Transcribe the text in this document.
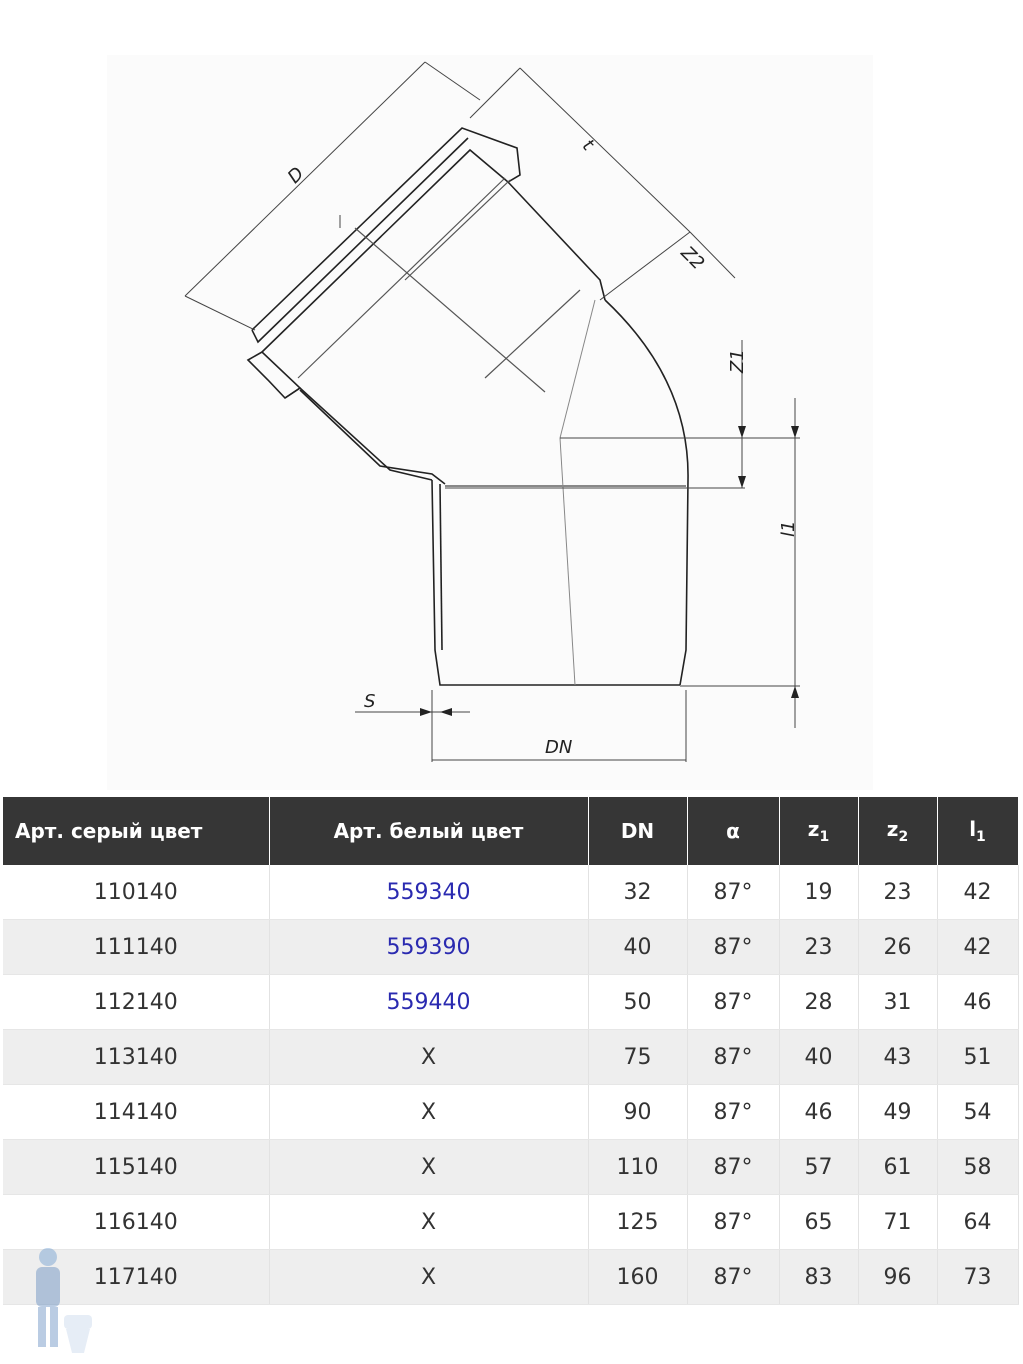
D
t
Z2
Z1
l1
S
DN
Арт. серый цвет	Арт. белый цвет	DN	α	$z_1$	$z_2$	$l_1$
110140	559340	32	87°	19	23	42
111140	559390	40	87°	23	26	42
112140	559440	50	87°	28	31	46
113140	X	75	87°	40	43	51
114140	X	90	87°	46	49	54
115140	X	110	87°	57	61	58
116140	X	125	87°	65	71	64
117140	X	160	87°	83	96	73
